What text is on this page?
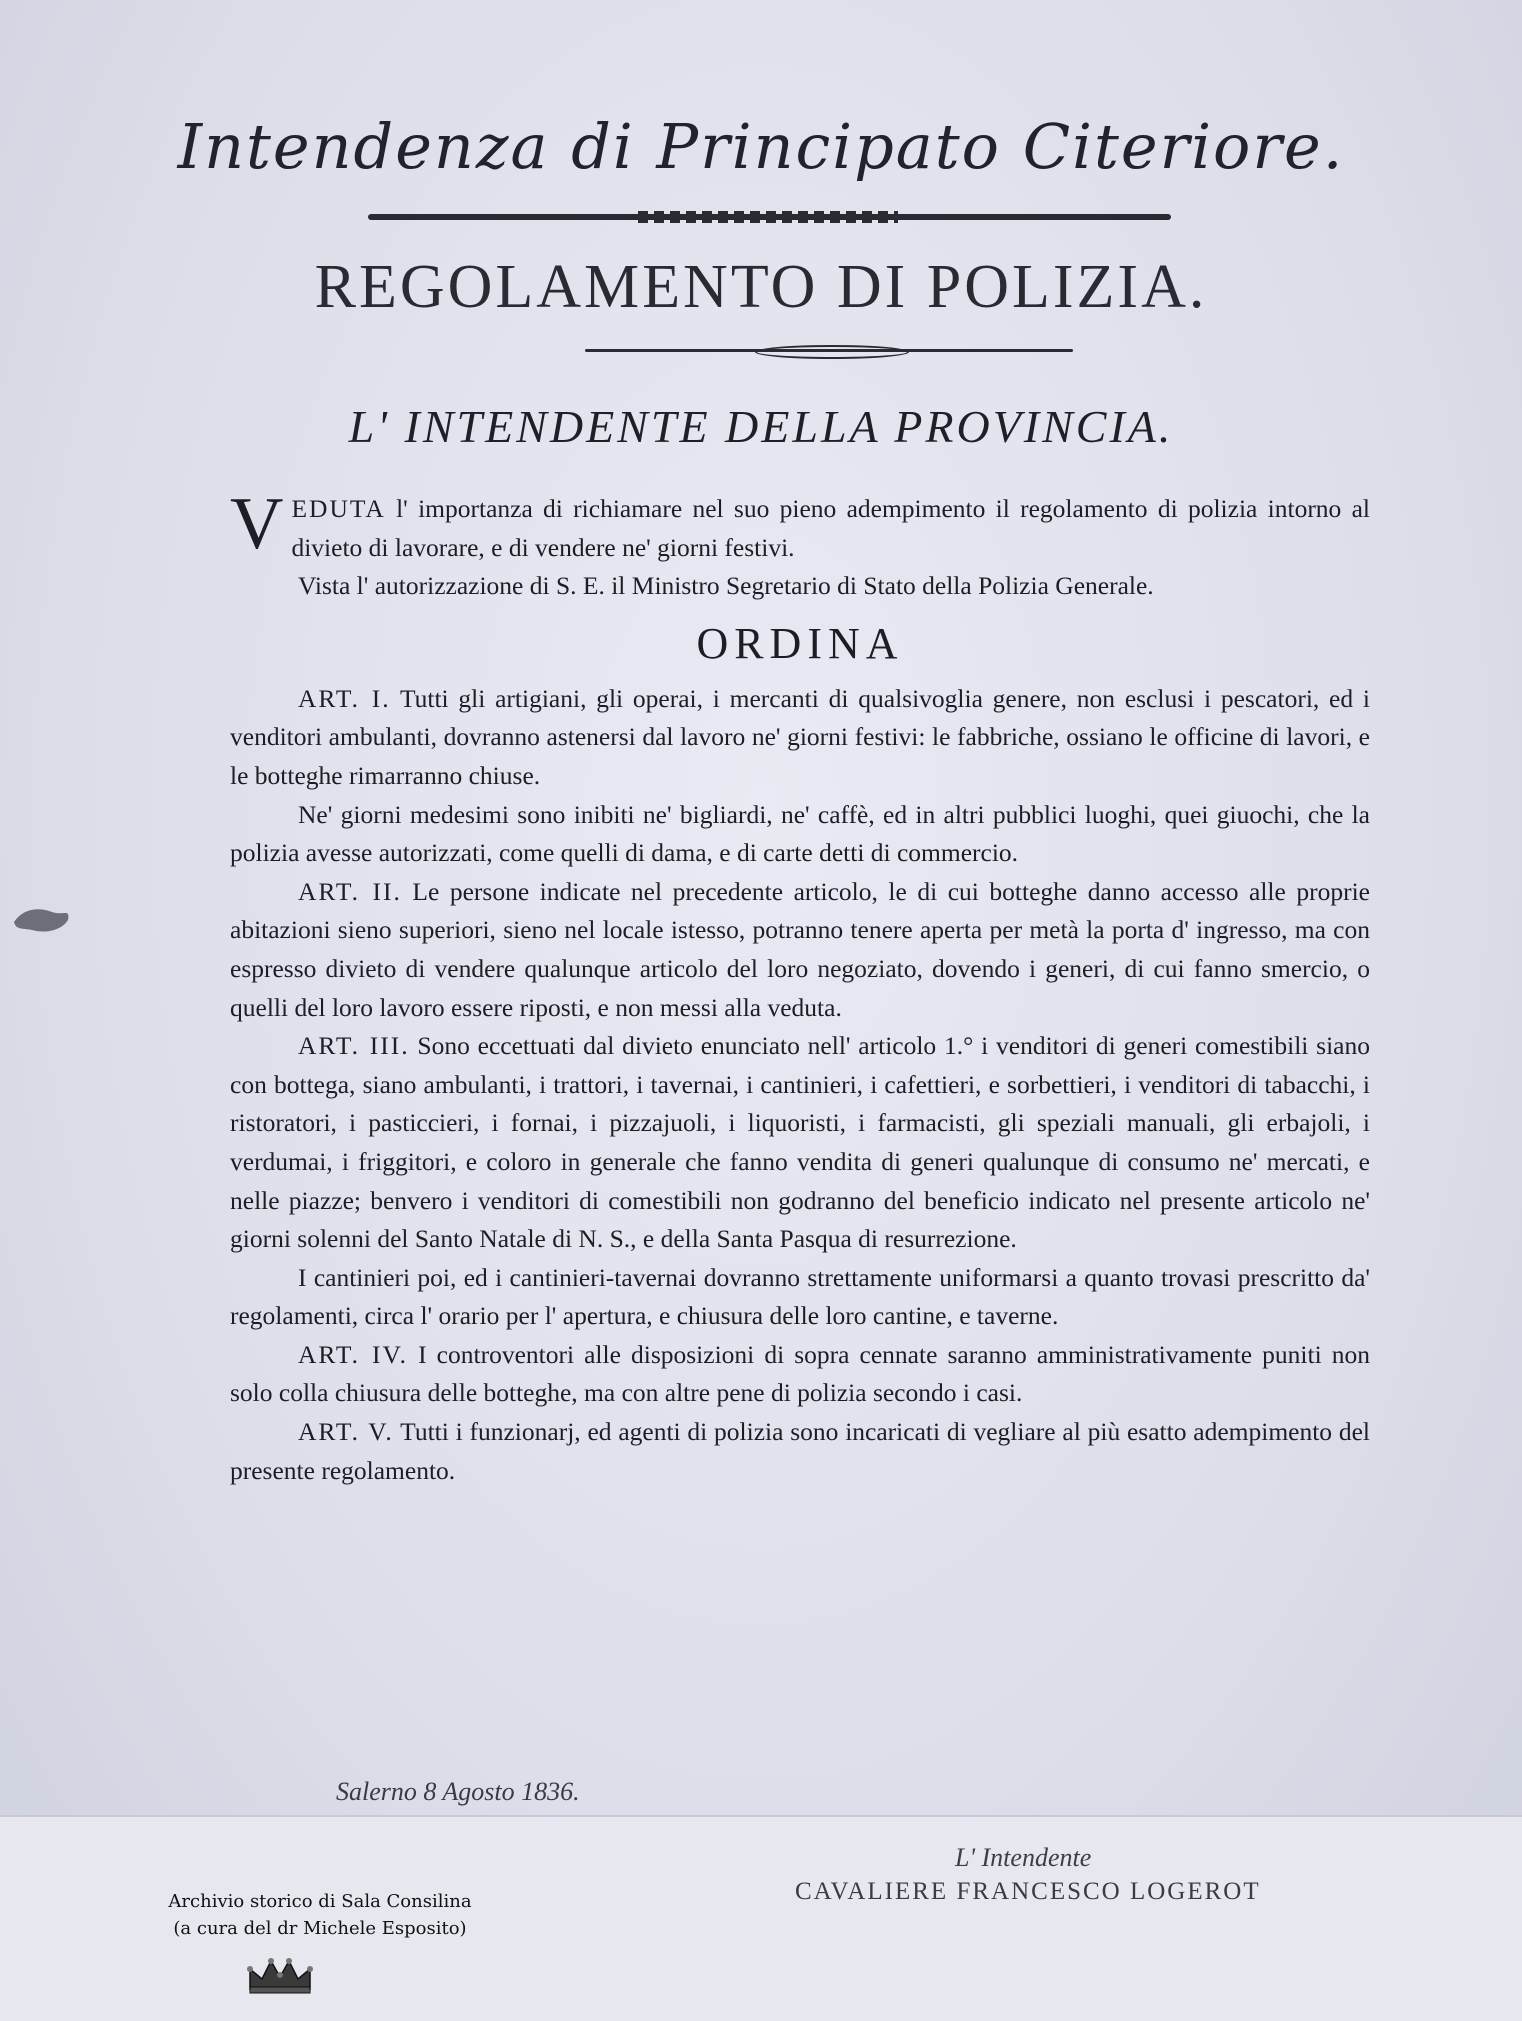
Intendenza di Principato Citeriore.
REGOLAMENTO DI POLIZIA.
L' INTENDENTE DELLA PROVINCIA.

VEDUTA l' importanza di richiamare nel suo pieno adempimento il regolamento di polizia intorno al divieto di lavorare, e di vendere ne' giorni festivi.

Vista l' autorizzazione di S. E. il Ministro Segretario di Stato della Polizia Generale.

ORDINA

ART. I. Tutti gli artigiani, gli operai, i mercanti di qualsivoglia genere, non esclusi i pescatori, ed i venditori ambulanti, dovranno astenersi dal lavoro ne' giorni festivi: le fabbriche, ossiano le officine di lavori, e le botteghe rimarranno chiuse.

Ne' giorni medesimi sono inibiti ne' bigliardi, ne' caffè, ed in altri pubblici luoghi, quei giuochi, che la polizia avesse autorizzati, come quelli di dama, e di carte detti di commercio.

ART. II. Le persone indicate nel precedente articolo, le di cui botteghe danno accesso alle proprie abitazioni sieno superiori, sieno nel locale istesso, potranno tenere aperta per metà la porta d' ingresso, ma con espresso divieto di vendere qualunque articolo del loro negoziato, dovendo i generi, di cui fanno smercio, o quelli del loro lavoro essere riposti, e non messi alla veduta.

ART. III. Sono eccettuati dal divieto enunciato nell' articolo 1.° i venditori di generi comestibili siano con bottega, siano ambulanti, i trattori, i tavernai, i cantinieri, i cafettieri, e sorbettieri, i venditori di tabacchi, i ristoratori, i pasticcieri, i fornai, i pizzajuoli, i liquoristi, i farmacisti, gli speziali manuali, gli erbajoli, i verdumai, i friggitori, e coloro in generale che fanno vendita di generi qualunque di consumo ne' mercati, e nelle piazze; benvero i venditori di comestibili non godranno del beneficio indicato nel presente articolo ne' giorni solenni del Santo Natale di N. S., e della Santa Pasqua di resurrezione.

I cantinieri poi, ed i cantinieri-tavernai dovranno strettamente uniformarsi a quanto trovasi prescritto da' regolamenti, circa l' orario per l' apertura, e chiusura delle loro cantine, e taverne.

ART. IV. I controventori alle disposizioni di sopra cennate saranno amministrativamente puniti non solo colla chiusura delle botteghe, ma con altre pene di polizia secondo i casi.

ART. V. Tutti i funzionarj, ed agenti di polizia sono incaricati di vegliare al più esatto adempimento del presente regolamento.

Salerno 8 Agosto 1836.
L' Intendente
CAVALIERE FRANCESCO LOGEROT
Archivio storico di Sala Consilina
(a cura del dr Michele Esposito)
